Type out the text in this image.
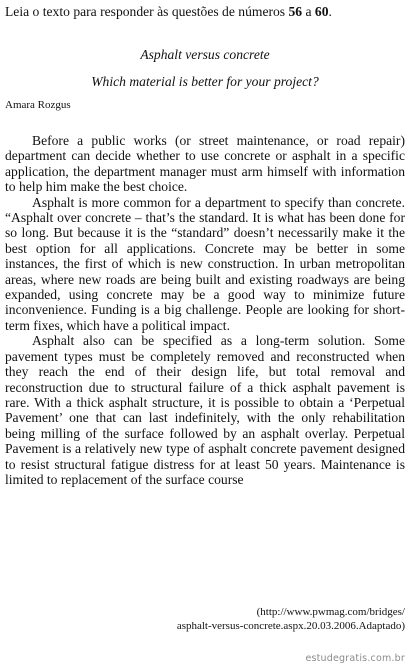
Leia o texto para responder às questões de números 56 a 60.
Asphalt versus concrete
Which material is better for your project?
Amara Rozgus

Before a public works (or street maintenance, or road repair) department can decide whether to use concrete or asphalt in a specific application, the department manager must arm himself with information to help him make the best choice.

Asphalt is more common for a department to specify than concrete. “Asphalt over concrete – that’s the standard. It is what has been done for so long. But because it is the “standard” doesn’t necessarily make it the best option for all applications. Concrete may be better in some instances, the first of which is new construction. In urban metropolitan areas, where new roads are being built and existing roadways are being expanded, using concrete may be a good way to minimize future inconvenience. Funding is a big challenge. People are looking for short-term fixes, which have a political impact.

Asphalt also can be specified as a long-term solution. Some pavement types must be completely removed and reconstructed when they reach the end of their design life, but total removal and reconstruction due to structural failure of a thick asphalt pavement is rare. With a thick asphalt structure, it is possible to obtain a ‘Perpetual Pavement’ one that can last indefinitely, with the only rehabilitation being milling of the surface followed by an asphalt overlay. Perpetual Pavement is a relatively new type of asphalt concrete pavement designed to resist structural fatigue distress for at least 50 years. Maintenance is limited to replacement of the surface course

(http://www.pwmag.com/bridges/
asphalt-versus-concrete.aspx.20.03.2006.Adaptado)
estudegratis.com.br
